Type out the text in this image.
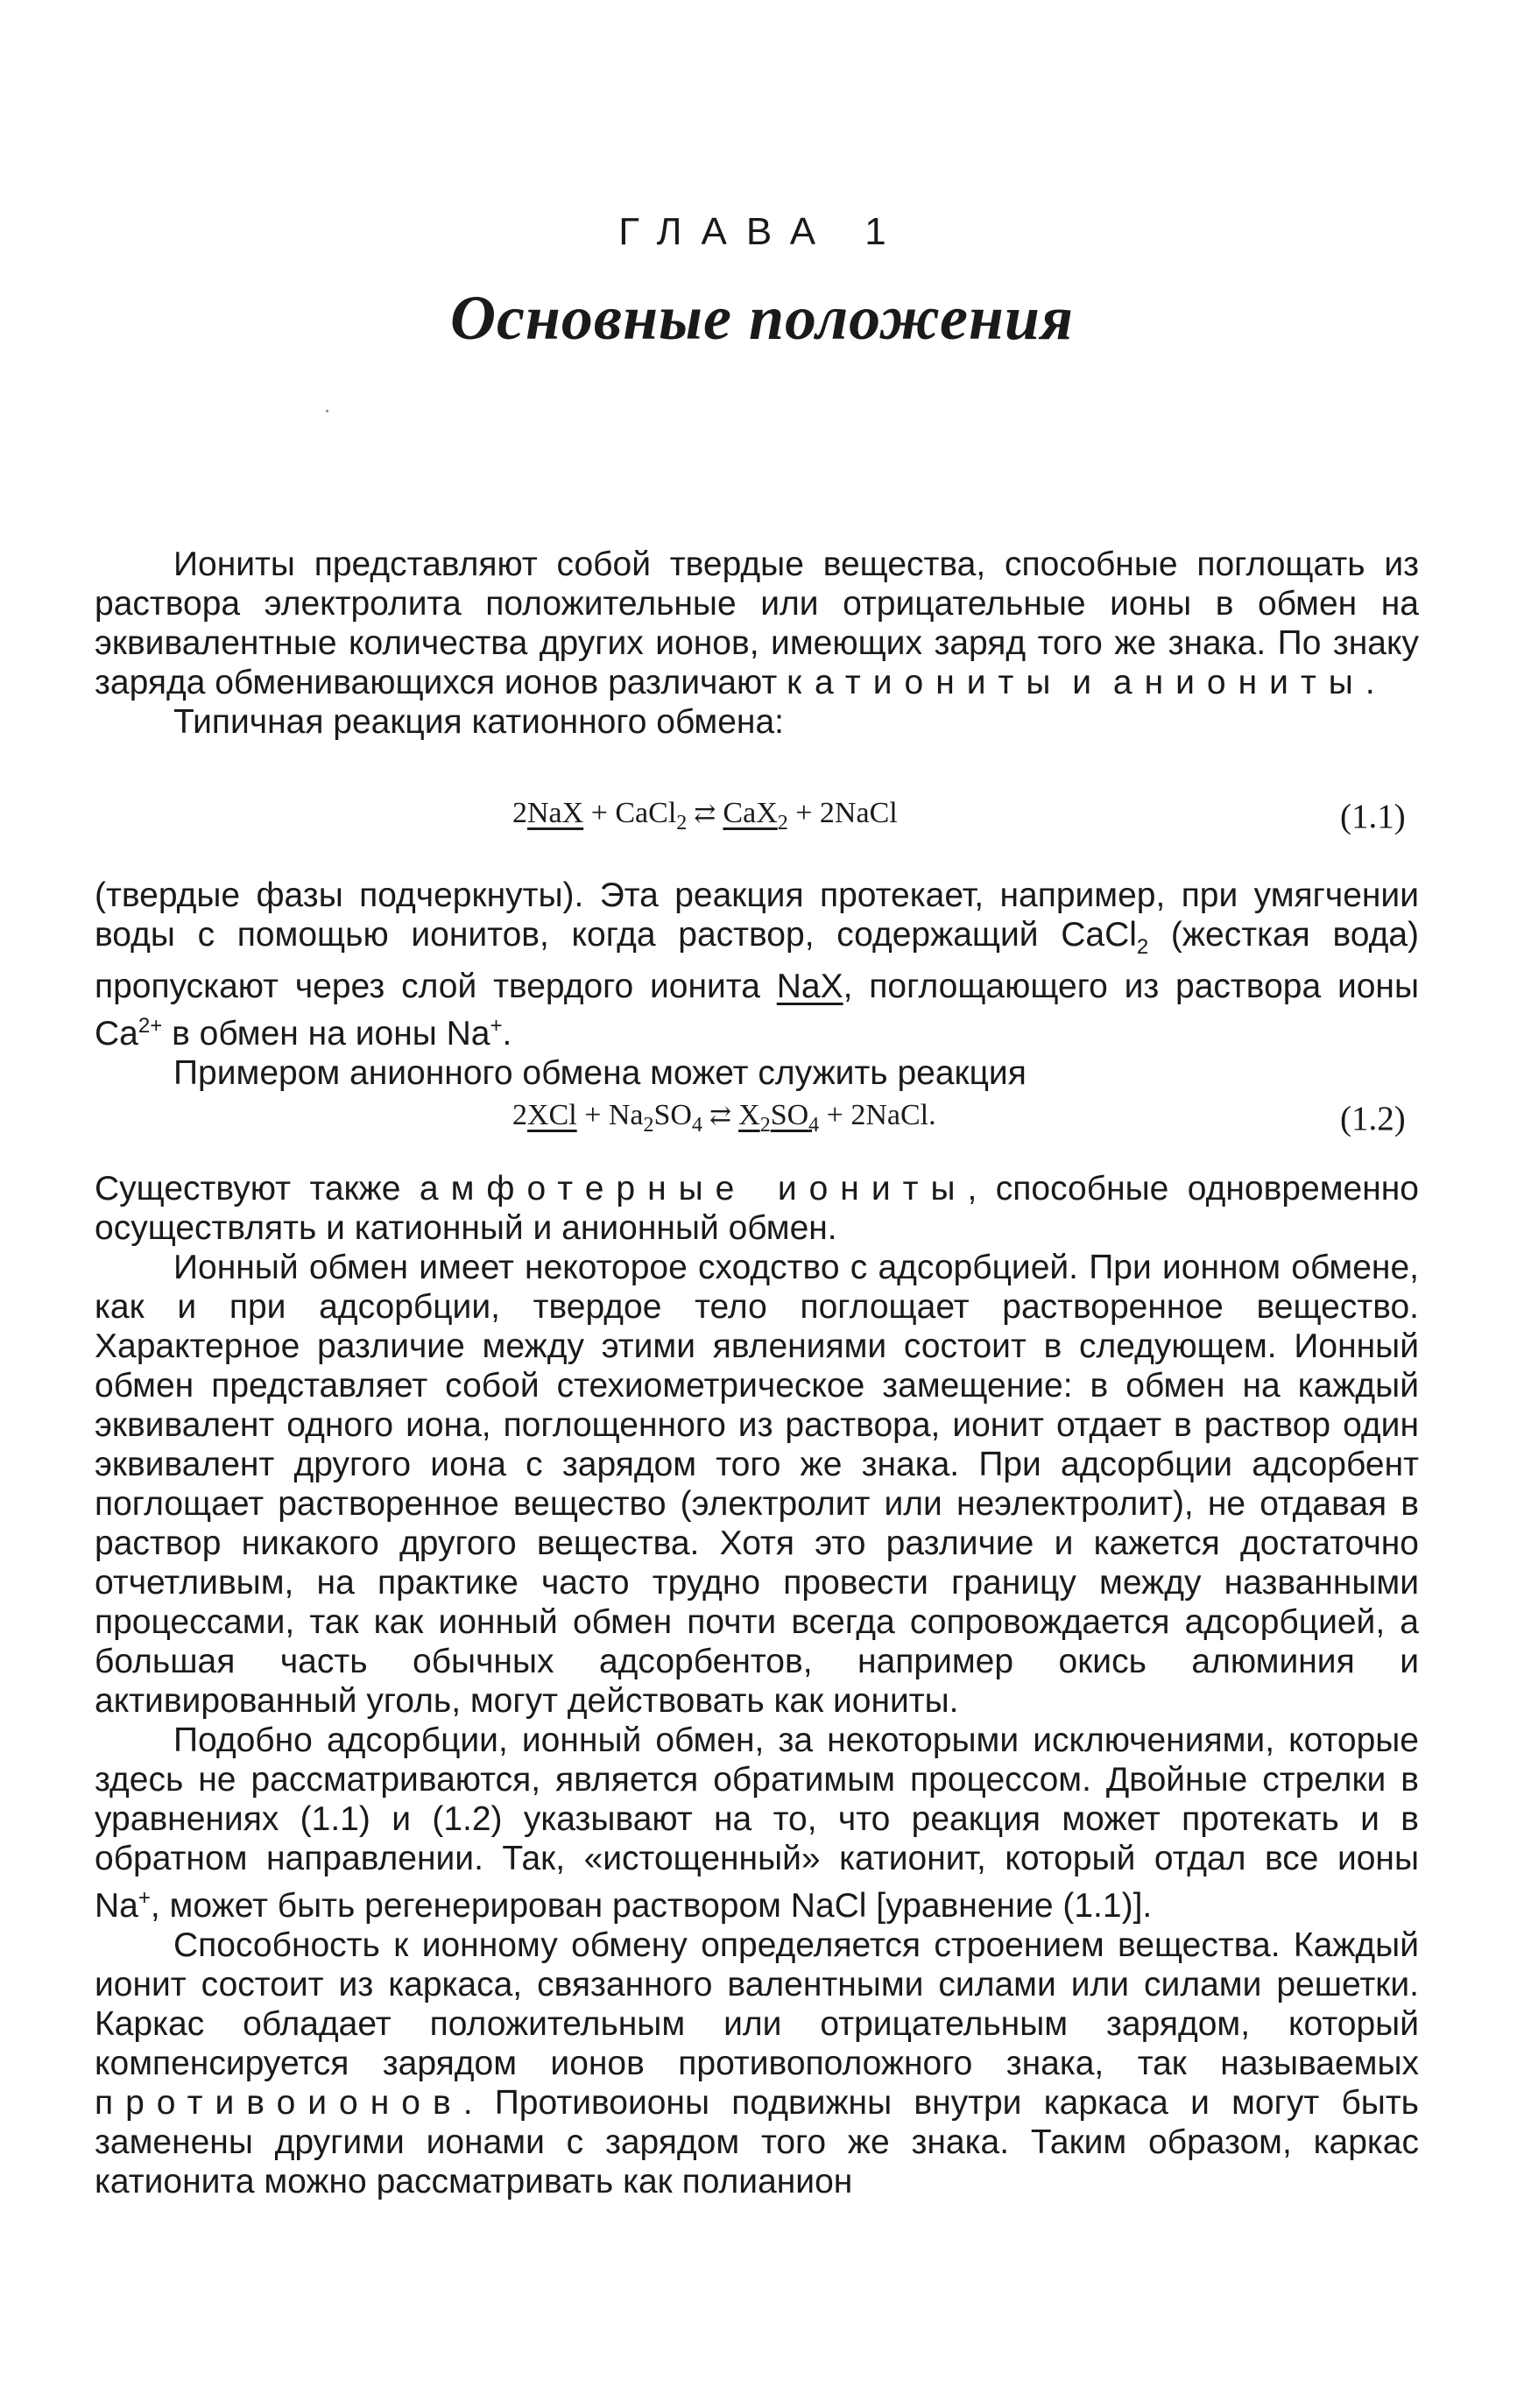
ГЛАВА 1
Основные положения

Иониты представляют собой твердые вещества, способные поглощать из раствора электролита положительные или отрицательные ионы в обмен на эквивалентные количества других ионов, имеющих заряд того же знака. По знаку заряда обменивающихся ионов различают катиониты и аниониты.

Типичная реакция катионного обмена:

2NaX + CaCl$_2$ ⇄ CaX$_2$ + 2NaCl	(1.1)

(твердые фазы подчеркнуты). Эта реакция протекает, например, при умягчении воды с помощью ионитов, когда раствор, содержащий CaCl$_2$ (жесткая вода) пропускают через слой твердого ионита NaX, поглощающего из раствора ионы $Ca^{2+}$ в обмен на ионы Na+.

Примером анионного обмена может служить реакция

$2XCl + Na_2SO_4$ ⇄ $X_2SO_4$ + 2NaCl.	(1.2)

Существуют также амфотерные иониты, способные одновременно осуществлять и катионный и анионный обмен.

Ионный обмен имеет некоторое сходство с адсорбцией. При ионном обмене, как и при адсорбции, твердое тело поглощает растворенное вещество. Характерное различие между этими явлениями состоит в следующем. Ионный обмен представляет собой стехиометрическое замещение: в обмен на каждый эквивалент одного иона, поглощенного из раствора, ионит отдает в раствор один эквивалент другого иона с зарядом того же знака. При адсорбции адсорбент поглощает растворенное вещество (электролит или неэлектролит), не отдавая в раствор никакого другого вещества. Хотя это различие и кажется достаточно отчетливым, на практике часто трудно провести границу между названными процессами, так как ионный обмен почти всегда сопровождается адсорбцией, а большая часть обычных адсорбентов, например окись алюминия и активированный уголь, могут действовать как иониты.

Подобно адсорбции, ионный обмен, за некоторыми исключениями, которые здесь не рассматриваются, является обратимым процессом. Двойные стрелки в уравнениях (1.1) и (1.2) указывают на то, что реакция может протекать и в обратном направлении. Так, «истощенный» катионит, который отдал все ионы Na+, может быть регенерирован раствором NaCl [уравнение (1.1)].

Способность к ионному обмену определяется строением вещества. Каждый ионит состоит из каркаса, связанного валентными силами или силами решетки. Каркас обладает положительным или отрицательным зарядом, который компенсируется зарядом ионов противоположного знака, так называемых противоионов. Противоионы подвижны внутри каркаса и могут быть заменены другими ионами с зарядом того же знака. Таким образом, каркас катионита можно рассматривать как полианион
